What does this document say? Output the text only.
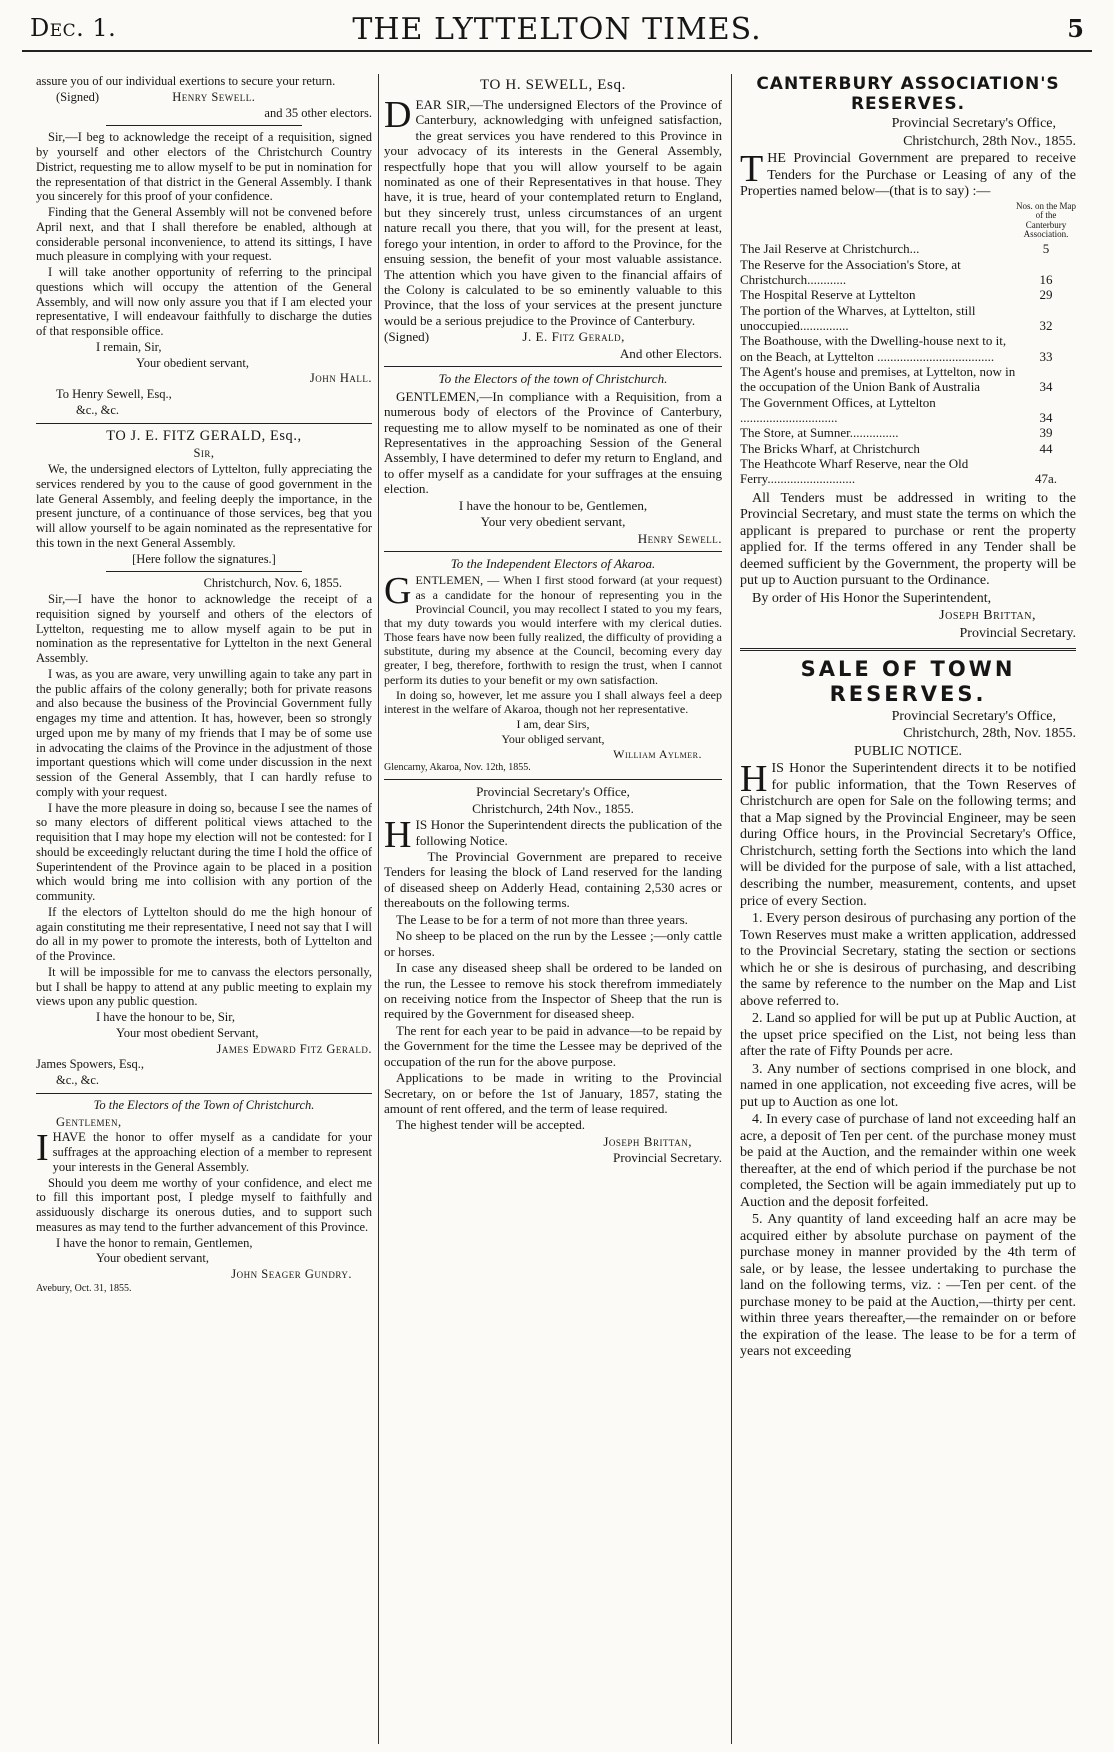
Dec. 1.	THE LYTTELTON TIMES.	5

assure you of our individual exertions to secure your return.

(Signed)	Henry Sewell.

and 35 other electors.

Sir,—I beg to acknowledge the receipt of a requisition, signed by yourself and other electors of the Christchurch Country District, requesting me to allow myself to be put in nomination for the representation of that district in the General Assembly. I thank you sincerely for this proof of your confidence.

Finding that the General Assembly will not be convened before April next, and that I shall therefore be enabled, although at considerable personal inconvenience, to attend its sittings, I have much pleasure in complying with your request.

I will take another opportunity of referring to the principal questions which will occupy the attention of the General Assembly, and will now only assure you that if I am elected your representative, I will endeavour faithfully to discharge the duties of that responsible office.

I remain, Sir,

Your obedient servant,

John Hall.

To Henry Sewell, Esq.,

&c., &c.

TO J. E. FITZ GERALD, Esq.,

Sir,

We, the undersigned electors of Lyttelton, fully appreciating the services rendered by you to the cause of good government in the late General Assembly, and feeling deeply the importance, in the present juncture, of a continuance of those services, beg that you will allow yourself to be again nominated as the representative for this town in the next General Assembly.

[Here follow the signatures.]

Christchurch, Nov. 6, 1855.

Sir,—I have the honor to acknowledge the receipt of a requisition signed by yourself and others of the electors of Lyttelton, requesting me to allow myself again to be put in nomination as the representative for Lyttelton in the next General Assembly.

I was, as you are aware, very unwilling again to take any part in the public affairs of the colony generally; both for private reasons and also because the business of the Provincial Government fully engages my time and attention. It has, however, been so strongly urged upon me by many of my friends that I may be of some use in advocating the claims of the Province in the adjustment of those important questions which will come under discussion in the next session of the General Assembly, that I can hardly refuse to comply with your request.

I have the more pleasure in doing so, because I see the names of so many electors of different political views attached to the requisition that I may hope my election will not be contested: for I should be exceedingly reluctant during the time I hold the office of Superintendent of the Province again to be placed in a position which would bring me into collision with any portion of the community.

If the electors of Lyttelton should do me the high honour of again constituting me their representative, I need not say that I will do all in my power to promote the interests, both of Lyttelton and of the Province.

It will be impossible for me to canvass the electors personally, but I shall be happy to attend at any public meeting to explain my views upon any public question.

I have the honour to be, Sir,

Your most obedient Servant,

James Edward Fitz Gerald.

James Spowers, Esq.,

&c., &c.

To the Electors of the Town of Christchurch.

Gentlemen,

IHAVE the honor to offer myself as a candidate for your suffrages at the approaching election of a member to represent your interests in the General Assembly.

Should you deem me worthy of your confidence, and elect me to fill this important post, I pledge myself to faithfully and assiduously discharge its onerous duties, and to support such measures as may tend to the further advancement of this Province.

I have the honor to remain, Gentlemen,

Your obedient servant,

John Seager Gundry.

Avebury, Oct. 31, 1855.

TO H. SEWELL, Esq.

DEAR SIR,—The undersigned Electors of the Province of Canterbury, acknowledging with unfeigned satisfaction, the great services you have rendered to this Province in your advocacy of its interests in the General Assembly, respectfully hope that you will allow yourself to be again nominated as one of their Representatives in that house. They have, it is true, heard of your contemplated return to England, but they sincerely trust, unless circumstances of an urgent nature recall you there, that you will, for the present at least, forego your intention, in order to afford to the Province, for the ensuing session, the benefit of your most valuable assistance. The attention which you have given to the financial affairs of the Colony is calculated to be so eminently valuable to this Province, that the loss of your services at the present juncture would be a serious prejudice to the Province of Canterbury.

(Signed)	J. E. Fitz Gerald,

And other Electors.

To the Electors of the town of Christchurch.

GENTLEMEN,—In compliance with a Requisition, from a numerous body of electors of the Province of Canterbury, requesting me to allow myself to be nominated as one of their Representatives in the approaching Session of the General Assembly, I have determined to defer my return to England, and to offer myself as a candidate for your suffrages at the ensuing election.

I have the honour to be, Gentlemen,

Your very obedient servant,

Henry Sewell.

To the Independent Electors of Akaroa.

GENTLEMEN, — When I first stood forward (at your request) as a candidate for the honour of representing you in the Provincial Council, you may recollect I stated to you my fears, that my duty towards you would interfere with my clerical duties. Those fears have now been fully realized, the difficulty of providing a substitute, during my absence at the Council, becoming every day greater, I beg, therefore, forthwith to resign the trust, when I cannot perform its duties to your benefit or my own satisfaction.

In doing so, however, let me assure you I shall always feel a deep interest in the welfare of Akaroa, though not her representative.

I am, dear Sirs,

Your obliged servant,

William Aylmer.

Glencarny, Akaroa, Nov. 12th, 1855.

Provincial Secretary's Office,

Christchurch, 24th Nov., 1855.

HIS Honor the Superintendent directs the publication of the following Notice.

The Provincial Government are prepared to receive Tenders for leasing the block of Land reserved for the landing of diseased sheep on Adderly Head, containing 2,530 acres or thereabouts on the following terms.

The Lease to be for a term of not more than three years.

No sheep to be placed on the run by the Lessee ;—only cattle or horses.

In case any diseased sheep shall be ordered to be landed on the run, the Lessee to remove his stock therefrom immediately on receiving notice from the Inspector of Sheep that the run is required by the Government for diseased sheep.

The rent for each year to be paid in advance—to be repaid by the Government for the time the Lessee may be deprived of the occupation of the run for the above purpose.

Applications to be made in writing to the Provincial Secretary, on or before the 1st of January, 1857, stating the amount of rent offered, and the term of lease required.

The highest tender will be accepted.

Joseph Brittan,

Provincial Secretary.

CANTERBURY ASSOCIATION'S RESERVES.

Provincial Secretary's Office,

Christchurch, 28th Nov., 1855.

THE Provincial Government are prepared to receive Tenders for the Purchase or Leasing of any of the Properties named below—(that is to say) :—

Nos. on the Map of the Canterbury Association.
The Jail Reserve at Christchurch...	5
The Reserve for the Association's Store, at Christchurch............	16
The Hospital Reserve at Lyttelton	29
The portion of the Wharves, at Lyttelton, still unoccupied...............	32
The Boathouse, with the Dwelling-house next to it, on the Beach, at Lyttelton ....................................	33
The Agent's house and premises, at Lyttelton, now in the occupation of the Union Bank of Australia	34
The Government Offices, at Lyttelton ..............................	34
The Store, at Sumner...............	39
The Bricks Wharf, at Christchurch	44
The Heathcote Wharf Reserve, near the Old Ferry...........................	47a.

All Tenders must be addressed in writing to the Provincial Secretary, and must state the terms on which the applicant is prepared to purchase or rent the property applied for. If the terms offered in any Tender shall be deemed sufficient by the Government, the property will be put up to Auction pursuant to the Ordinance.

By order of His Honor the Superintendent,

Joseph Brittan,

Provincial Secretary.

SALE OF TOWN RESERVES.

Provincial Secretary's Office,

Christchurch, 28th, Nov. 1855.

PUBLIC NOTICE.

HIS Honor the Superintendent directs it to be notified for public information, that the Town Reserves of Christchurch are open for Sale on the following terms; and that a Map signed by the Provincial Engineer, may be seen during Office hours, in the Provincial Secretary's Office, Christchurch, setting forth the Sections into which the land will be divided for the purpose of sale, with a list attached, describing the number, measurement, contents, and upset price of every Section.

1. Every person desirous of purchasing any portion of the Town Reserves must make a written application, addressed to the Provincial Secretary, stating the section or sections which he or she is desirous of purchasing, and describing the same by reference to the number on the Map and List above referred to.

2. Land so applied for will be put up at Public Auction, at the upset price specified on the List, not being less than after the rate of Fifty Pounds per acre.

3. Any number of sections comprised in one block, and named in one application, not exceeding five acres, will be put up to Auction as one lot.

4. In every case of purchase of land not exceeding half an acre, a deposit of Ten per cent. of the purchase money must be paid at the Auction, and the remainder within one week thereafter, at the end of which period if the purchase be not completed, the Section will be again immediately put up to Auction and the deposit forfeited.

5. Any quantity of land exceeding half an acre may be acquired either by absolute purchase on payment of the purchase money in manner provided by the 4th term of sale, or by lease, the lessee undertaking to purchase the land on the following terms, viz. : —Ten per cent. of the purchase money to be paid at the Auction,—thirty per cent. within three years thereafter,—the remainder on or before the expiration of the lease. The lease to be for a term of years not exceeding
